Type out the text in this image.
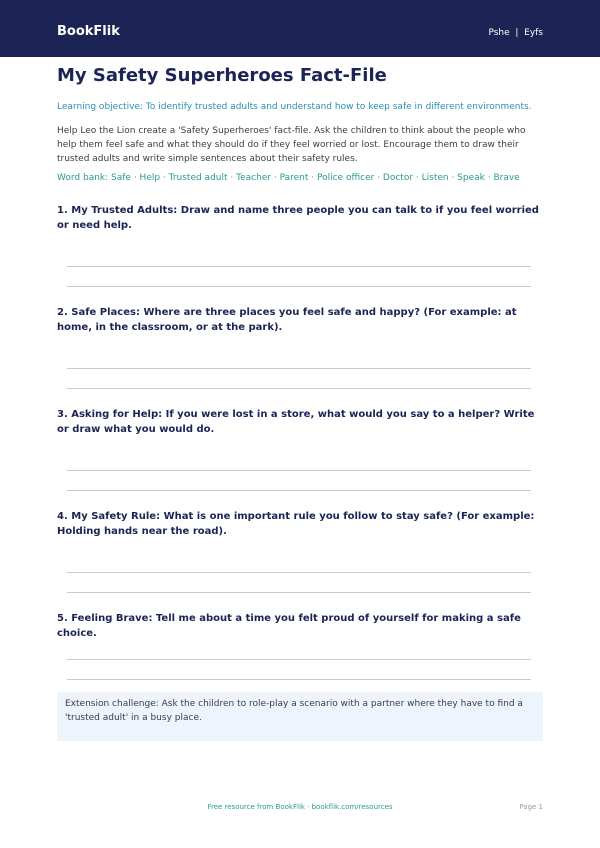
BookFlik	Pshe  |  Eyfs
My Safety Superheroes Fact-File
Learning objective: To identify trusted adults and understand how to keep safe in different environments.
Help Leo the Lion create a 'Safety Superheroes' fact-file. Ask the children to think about the people who help them feel safe and what they should do if they feel worried or lost. Encourage them to draw their trusted adults and write simple sentences about their safety rules.
Word bank: Safe · Help · Trusted adult · Teacher · Parent · Police officer · Doctor · Listen · Speak · Brave
1. My Trusted Adults: Draw and name three people you can talk to if you feel worried or need help.
2. Safe Places: Where are three places you feel safe and happy? (For example: at home, in the classroom, or at the park).
3. Asking for Help: If you were lost in a store, what would you say to a helper? Write or draw what you would do.
4. My Safety Rule: What is one important rule you follow to stay safe? (For example: Holding hands near the road).
5. Feeling Brave: Tell me about a time you felt proud of yourself for making a safe choice.
Extension challenge: Ask the children to role-play a scenario with a partner where they have to find a 'trusted adult' in a busy place.
Free resource from BookFlik · bookflik.com/resources	Page 1
